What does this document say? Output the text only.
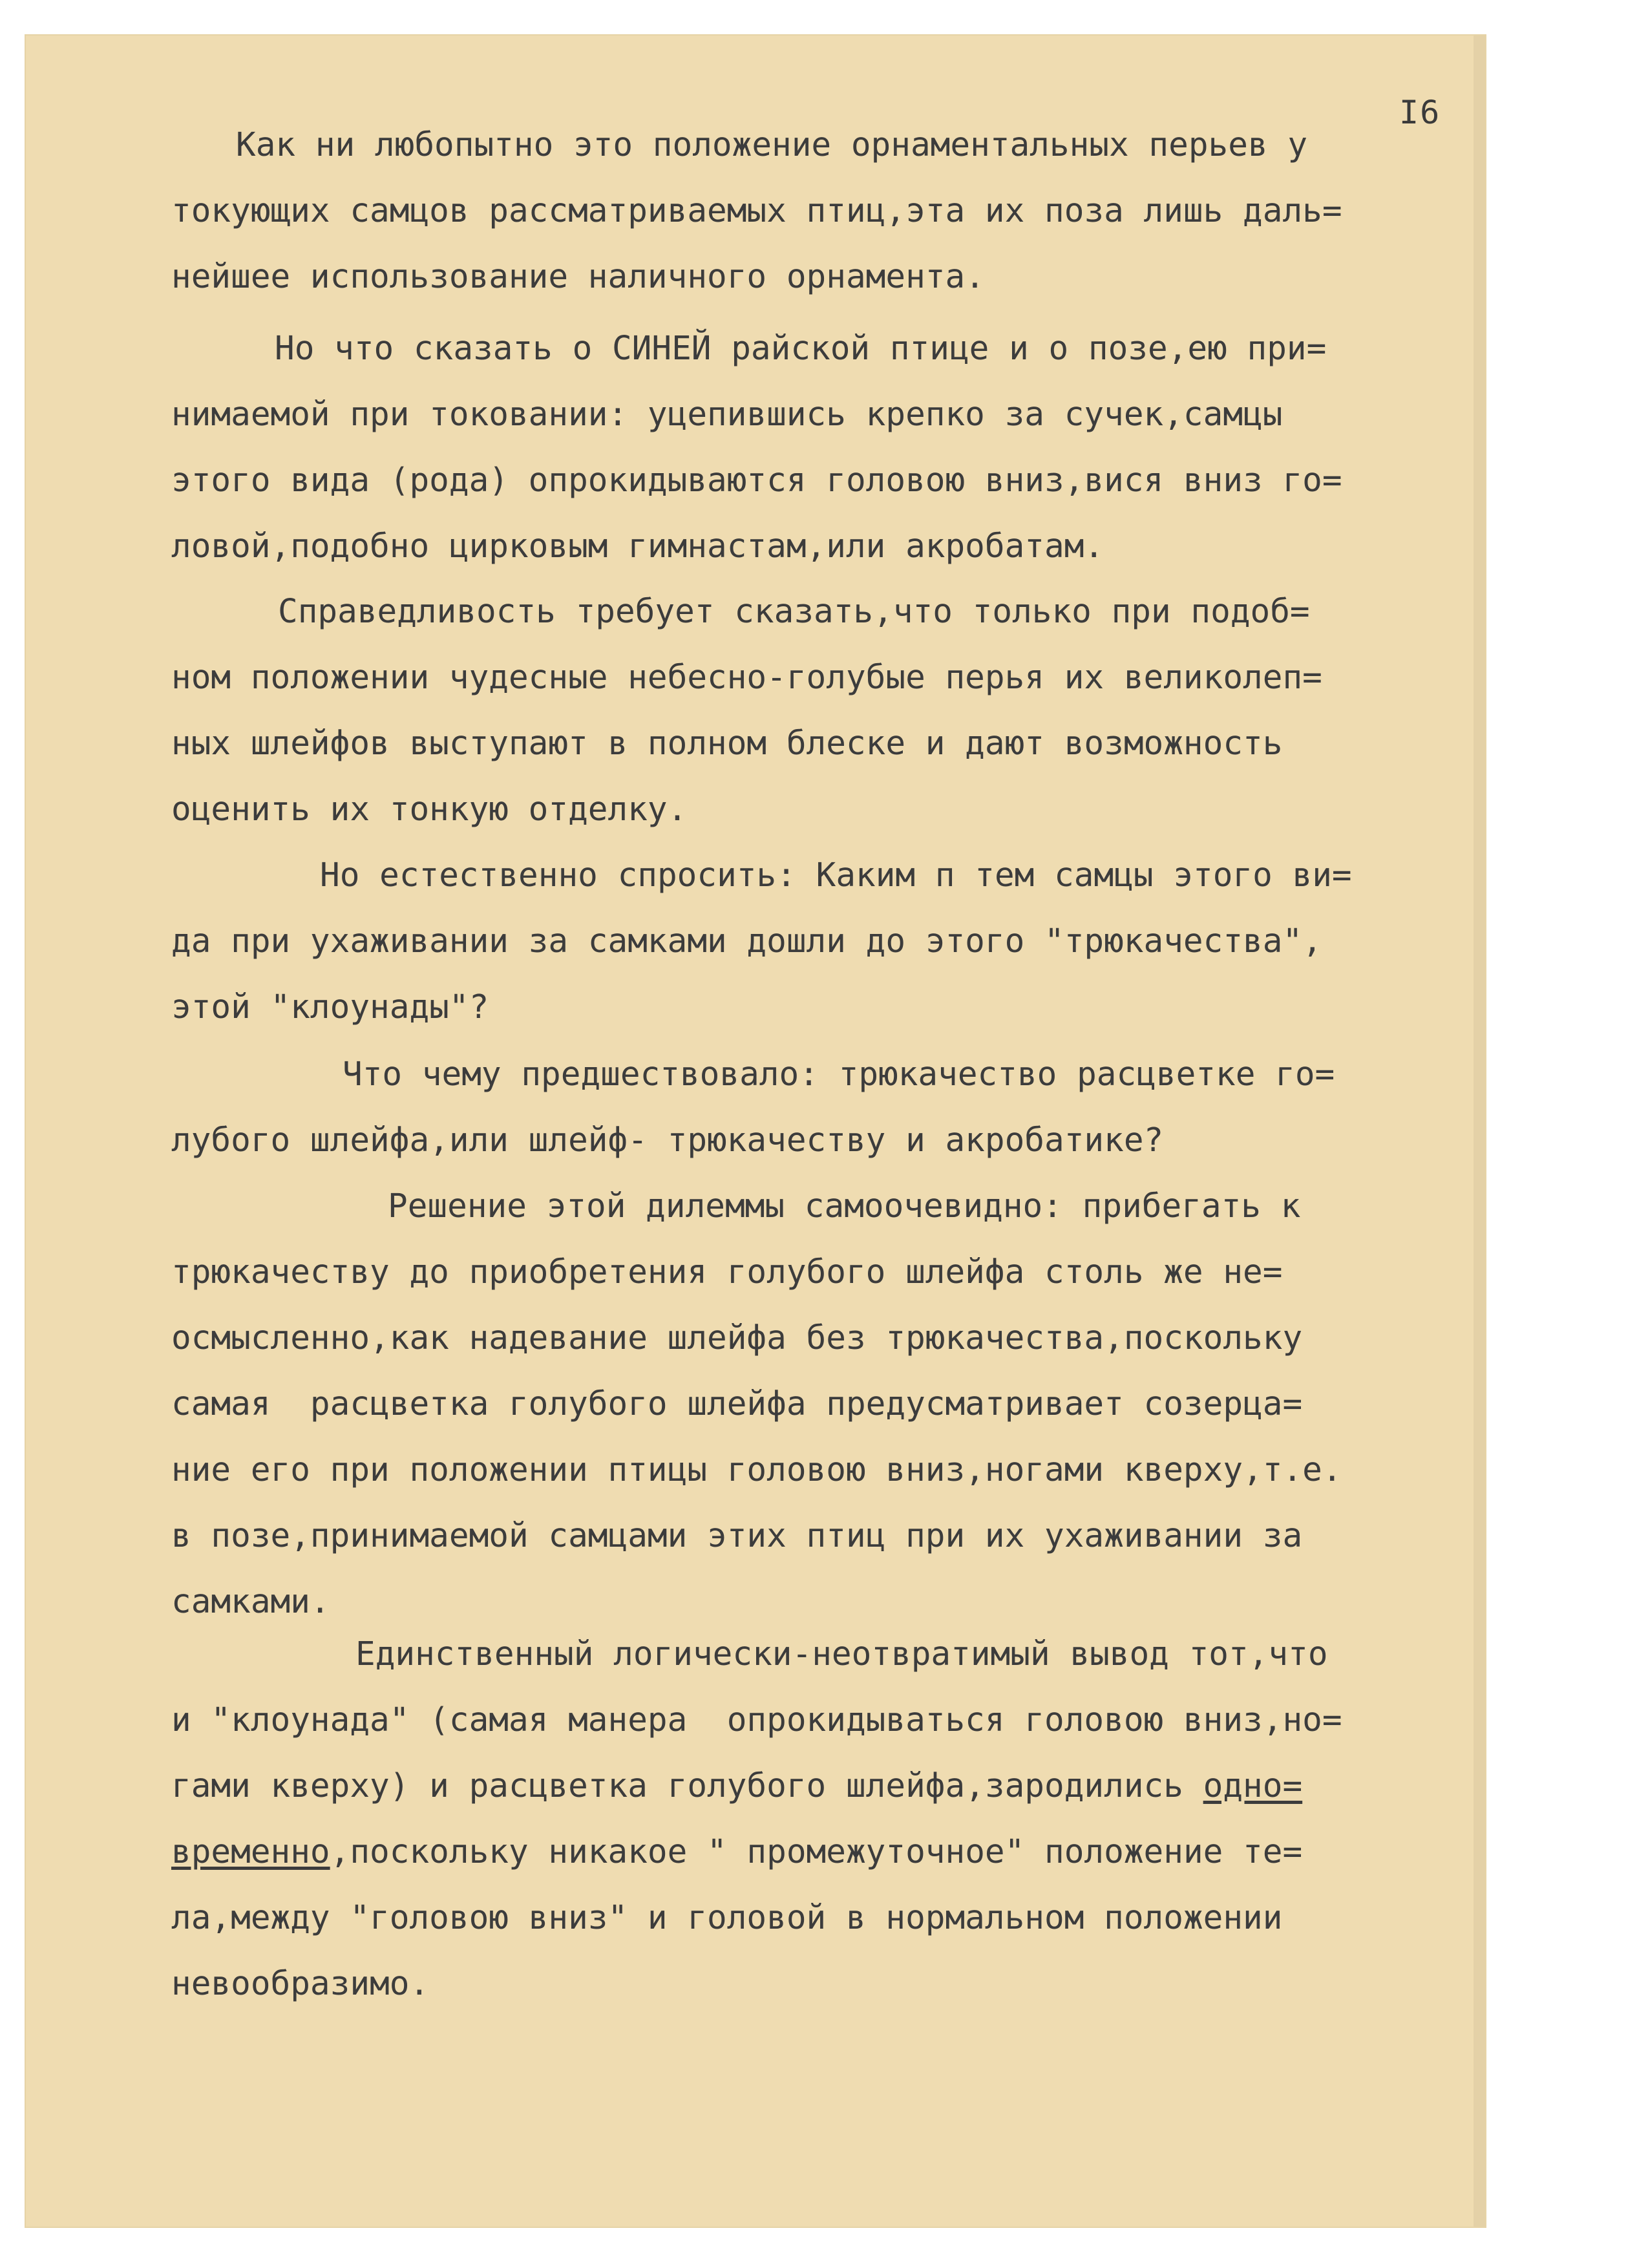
I6
Как ни любопытно это положение орнаментальных перьев у
токующих самцов рассматриваемых птиц,эта их поза лишь даль=
нейшее использование наличного орнамента.
Но что сказать о СИНЕЙ райской птице и о позе,ею при=
нимаемой при токовании: уцепившись крепко за сучек,самцы
этого вида (рода) опрокидываются головою вниз,вися вниз го=
ловой,подобно цирковым гимнастам,или акробатам.
Справедливость требует сказать,что только при подоб=
ном положении чудесные небесно-голубые перья их великолеп=
ных шлейфов выступают в полном блеске и дают возможность
оценить их тонкую отделку.
Но естественно спросить: Каким п тем самцы этого ви=
да при ухаживании за самками дошли до этого "трюкачества",
этой "клоунады"?
Что чему предшествовало: трюкачество расцветке го=
лубого шлейфа,или шлейф- трюкачеству и акробатике?
Решение этой дилеммы самоочевидно: прибегать к
трюкачеству до приобретения голубого шлейфа столь же не=
осмысленно,как надевание шлейфа без трюкачества,поскольку
самая  расцветка голубого шлейфа предусматривает созерца=
ние его при положении птицы головою вниз,ногами кверху,т.е.
в позе,принимаемой самцами этих птиц при их ухаживании за
самками.
Единственный логически-неотвратимый вывод тот,что
и "клоунада" (самая манера  опрокидываться головою вниз,но=
гами кверху) и расцветка голубого шлейфа,зародились одно=
временно,поскольку никакое " промежуточное" положение те=
ла,между "головою вниз" и головой в нормальном положении
невообразимо.
